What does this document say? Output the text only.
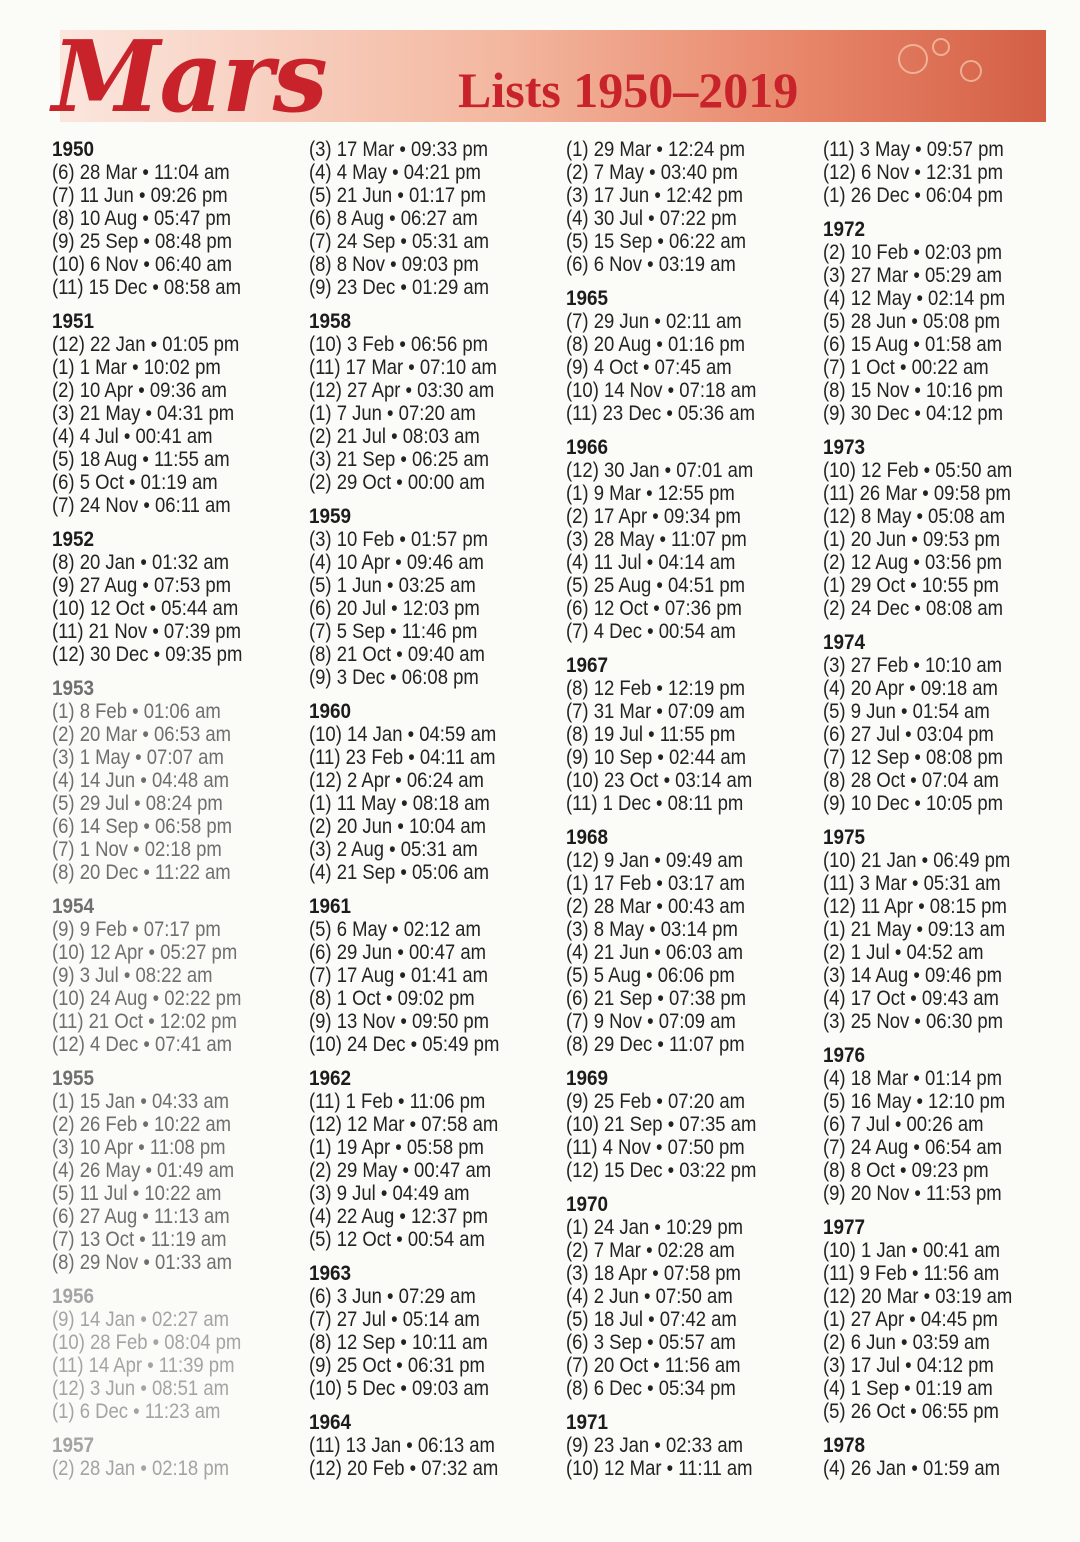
Mars	Lists 1950–2019
1950
(6) 28 Mar • 11:04 am
(7) 11 Jun • 09:26 pm
(8) 10 Aug • 05:47 pm
(9) 25 Sep • 08:48 pm
(10) 6 Nov • 06:40 am
(11) 15 Dec • 08:58 am
1951
(12) 22 Jan • 01:05 pm
(1) 1 Mar • 10:02 pm
(2) 10 Apr • 09:36 am
(3) 21 May • 04:31 pm
(4) 4 Jul • 00:41 am
(5) 18 Aug • 11:55 am
(6) 5 Oct • 01:19 am
(7) 24 Nov • 06:11 am
1952
(8) 20 Jan • 01:32 am
(9) 27 Aug • 07:53 pm
(10) 12 Oct • 05:44 am
(11) 21 Nov • 07:39 pm
(12) 30 Dec • 09:35 pm
1953
(1) 8 Feb • 01:06 am
(2) 20 Mar • 06:53 am
(3) 1 May • 07:07 am
(4) 14 Jun • 04:48 am
(5) 29 Jul • 08:24 pm
(6) 14 Sep • 06:58 pm
(7) 1 Nov • 02:18 pm
(8) 20 Dec • 11:22 am
1954
(9) 9 Feb • 07:17 pm
(10) 12 Apr • 05:27 pm
(9) 3 Jul • 08:22 am
(10) 24 Aug • 02:22 pm
(11) 21 Oct • 12:02 pm
(12) 4 Dec • 07:41 am
1955
(1) 15 Jan • 04:33 am
(2) 26 Feb • 10:22 am
(3) 10 Apr • 11:08 pm
(4) 26 May • 01:49 am
(5) 11 Jul • 10:22 am
(6) 27 Aug • 11:13 am
(7) 13 Oct • 11:19 am
(8) 29 Nov • 01:33 am
1956
(9) 14 Jan • 02:27 am
(10) 28 Feb • 08:04 pm
(11) 14 Apr • 11:39 pm
(12) 3 Jun • 08:51 am
(1) 6 Dec • 11:23 am
1957
(2) 28 Jan • 02:18 pm
(3) 17 Mar • 09:33 pm
(4) 4 May • 04:21 pm
(5) 21 Jun • 01:17 pm
(6) 8 Aug • 06:27 am
(7) 24 Sep • 05:31 am
(8) 8 Nov • 09:03 pm
(9) 23 Dec • 01:29 am
1958
(10) 3 Feb • 06:56 pm
(11) 17 Mar • 07:10 am
(12) 27 Apr • 03:30 am
(1) 7 Jun • 07:20 am
(2) 21 Jul • 08:03 am
(3) 21 Sep • 06:25 am
(2) 29 Oct • 00:00 am
1959
(3) 10 Feb • 01:57 pm
(4) 10 Apr • 09:46 am
(5) 1 Jun • 03:25 am
(6) 20 Jul • 12:03 pm
(7) 5 Sep • 11:46 pm
(8) 21 Oct • 09:40 am
(9) 3 Dec • 06:08 pm
1960
(10) 14 Jan • 04:59 am
(11) 23 Feb • 04:11 am
(12) 2 Apr • 06:24 am
(1) 11 May • 08:18 am
(2) 20 Jun • 10:04 am
(3) 2 Aug • 05:31 am
(4) 21 Sep • 05:06 am
1961
(5) 6 May • 02:12 am
(6) 29 Jun • 00:47 am
(7) 17 Aug • 01:41 am
(8) 1 Oct • 09:02 pm
(9) 13 Nov • 09:50 pm
(10) 24 Dec • 05:49 pm
1962
(11) 1 Feb • 11:06 pm
(12) 12 Mar • 07:58 am
(1) 19 Apr • 05:58 pm
(2) 29 May • 00:47 am
(3) 9 Jul • 04:49 am
(4) 22 Aug • 12:37 pm
(5) 12 Oct • 00:54 am
1963
(6) 3 Jun • 07:29 am
(7) 27 Jul • 05:14 am
(8) 12 Sep • 10:11 am
(9) 25 Oct • 06:31 pm
(10) 5 Dec • 09:03 am
1964
(11) 13 Jan • 06:13 am
(12) 20 Feb • 07:32 am
(1) 29 Mar • 12:24 pm
(2) 7 May • 03:40 pm
(3) 17 Jun • 12:42 pm
(4) 30 Jul • 07:22 pm
(5) 15 Sep • 06:22 am
(6) 6 Nov • 03:19 am
1965
(7) 29 Jun • 02:11 am
(8) 20 Aug • 01:16 pm
(9) 4 Oct • 07:45 am
(10) 14 Nov • 07:18 am
(11) 23 Dec • 05:36 am
1966
(12) 30 Jan • 07:01 am
(1) 9 Mar • 12:55 pm
(2) 17 Apr • 09:34 pm
(3) 28 May • 11:07 pm
(4) 11 Jul • 04:14 am
(5) 25 Aug • 04:51 pm
(6) 12 Oct • 07:36 pm
(7) 4 Dec • 00:54 am
1967
(8) 12 Feb • 12:19 pm
(7) 31 Mar • 07:09 am
(8) 19 Jul • 11:55 pm
(9) 10 Sep • 02:44 am
(10) 23 Oct • 03:14 am
(11) 1 Dec • 08:11 pm
1968
(12) 9 Jan • 09:49 am
(1) 17 Feb • 03:17 am
(2) 28 Mar • 00:43 am
(3) 8 May • 03:14 pm
(4) 21 Jun • 06:03 am
(5) 5 Aug • 06:06 pm
(6) 21 Sep • 07:38 pm
(7) 9 Nov • 07:09 am
(8) 29 Dec • 11:07 pm
1969
(9) 25 Feb • 07:20 am
(10) 21 Sep • 07:35 am
(11) 4 Nov • 07:50 pm
(12) 15 Dec • 03:22 pm
1970
(1) 24 Jan • 10:29 pm
(2) 7 Mar • 02:28 am
(3) 18 Apr • 07:58 pm
(4) 2 Jun • 07:50 am
(5) 18 Jul • 07:42 am
(6) 3 Sep • 05:57 am
(7) 20 Oct • 11:56 am
(8) 6 Dec • 05:34 pm
1971
(9) 23 Jan • 02:33 am
(10) 12 Mar • 11:11 am
(11) 3 May • 09:57 pm
(12) 6 Nov • 12:31 pm
(1) 26 Dec • 06:04 pm
1972
(2) 10 Feb • 02:03 pm
(3) 27 Mar • 05:29 am
(4) 12 May • 02:14 pm
(5) 28 Jun • 05:08 pm
(6) 15 Aug • 01:58 am
(7) 1 Oct • 00:22 am
(8) 15 Nov • 10:16 pm
(9) 30 Dec • 04:12 pm
1973
(10) 12 Feb • 05:50 am
(11) 26 Mar • 09:58 pm
(12) 8 May • 05:08 am
(1) 20 Jun • 09:53 pm
(2) 12 Aug • 03:56 pm
(1) 29 Oct • 10:55 pm
(2) 24 Dec • 08:08 am
1974
(3) 27 Feb • 10:10 am
(4) 20 Apr • 09:18 am
(5) 9 Jun • 01:54 am
(6) 27 Jul • 03:04 pm
(7) 12 Sep • 08:08 pm
(8) 28 Oct • 07:04 am
(9) 10 Dec • 10:05 pm
1975
(10) 21 Jan • 06:49 pm
(11) 3 Mar • 05:31 am
(12) 11 Apr • 08:15 pm
(1) 21 May • 09:13 am
(2) 1 Jul • 04:52 am
(3) 14 Aug • 09:46 pm
(4) 17 Oct • 09:43 am
(3) 25 Nov • 06:30 pm
1976
(4) 18 Mar • 01:14 pm
(5) 16 May • 12:10 pm
(6) 7 Jul • 00:26 am
(7) 24 Aug • 06:54 am
(8) 8 Oct • 09:23 pm
(9) 20 Nov • 11:53 pm
1977
(10) 1 Jan • 00:41 am
(11) 9 Feb • 11:56 am
(12) 20 Mar • 03:19 am
(1) 27 Apr • 04:45 pm
(2) 6 Jun • 03:59 am
(3) 17 Jul • 04:12 pm
(4) 1 Sep • 01:19 am
(5) 26 Oct • 06:55 pm
1978
(4) 26 Jan • 01:59 am
